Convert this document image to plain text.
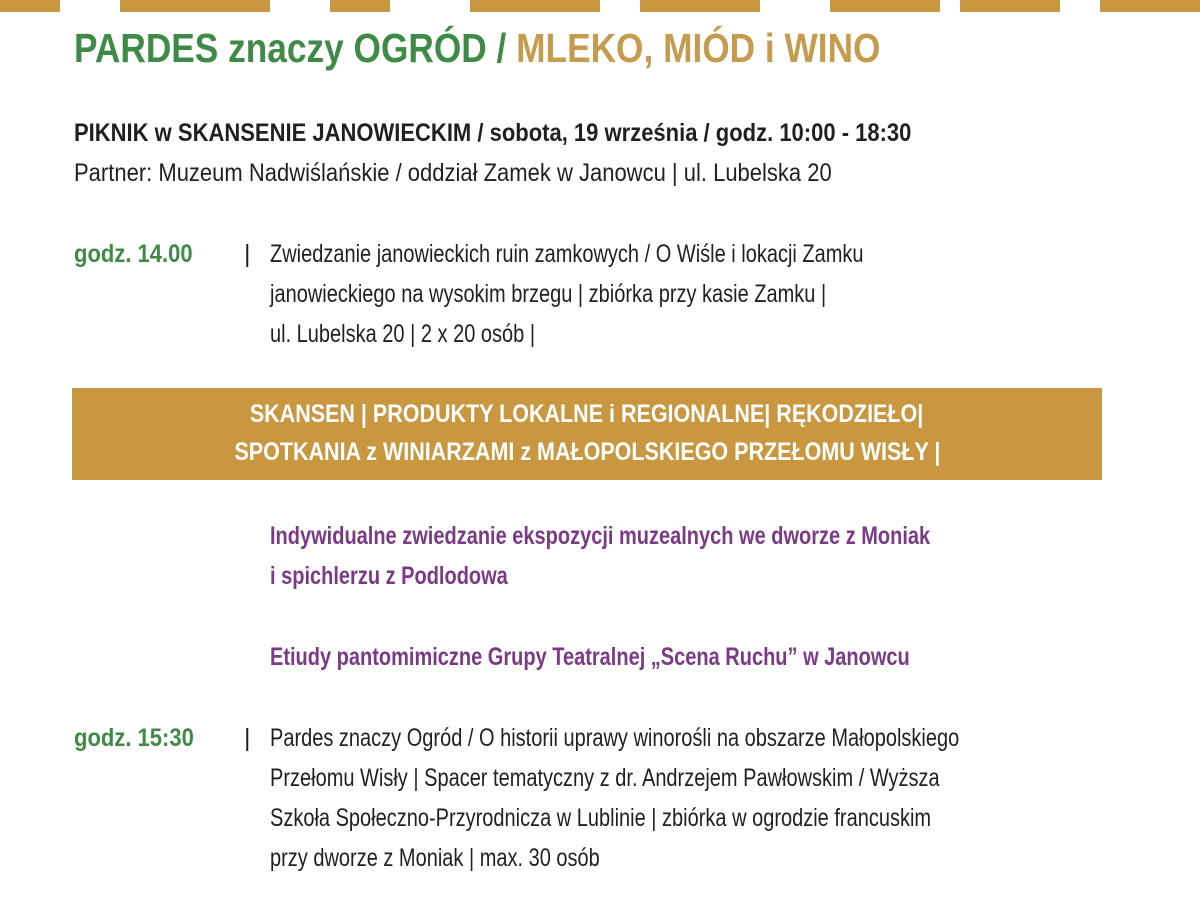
PARDES znaczy OGRÓD / MLEKO, MIÓD i WINO
PIKNIK w SKANSENIE JANOWIECKIM / sobota, 19 września / godz. 10:00 - 18:30
Partner: Muzeum Nadwiślańskie / oddział Zamek w Janowcu | ul. Lubelska 20
godz. 14.00	| Zwiedzanie janowieckich ruin zamkowych / O Wiśle i lokacji Zamku
janowieckiego na wysokim brzegu | zbiórka przy kasie Zamku |
ul. Lubelska 20 | 2 x 20 osób |
SKANSEN | PRODUKTY LOKALNE i REGIONALNE| RĘKODZIEŁO|
SPOTKANIA z WINIARZAMI z MAŁOPOLSKIEGO PRZEŁOMU WISŁY |
Indywidualne zwiedzanie ekspozycji muzealnych we dworze z Moniak
i spichlerzu z Podlodowa
Etiudy pantomimiczne Grupy Teatralnej „Scena Ruchu” w Janowcu
godz. 15:30	| Pardes znaczy Ogród / O historii uprawy winorośli na obszarze Małopolskiego
Przełomu Wisły | Spacer tematyczny z dr. Andrzejem Pawłowskim / Wyższa
Szkoła Społeczno-Przyrodnicza w Lublinie | zbiórka w ogrodzie francuskim
przy dworze z Moniak | max. 30 osób
